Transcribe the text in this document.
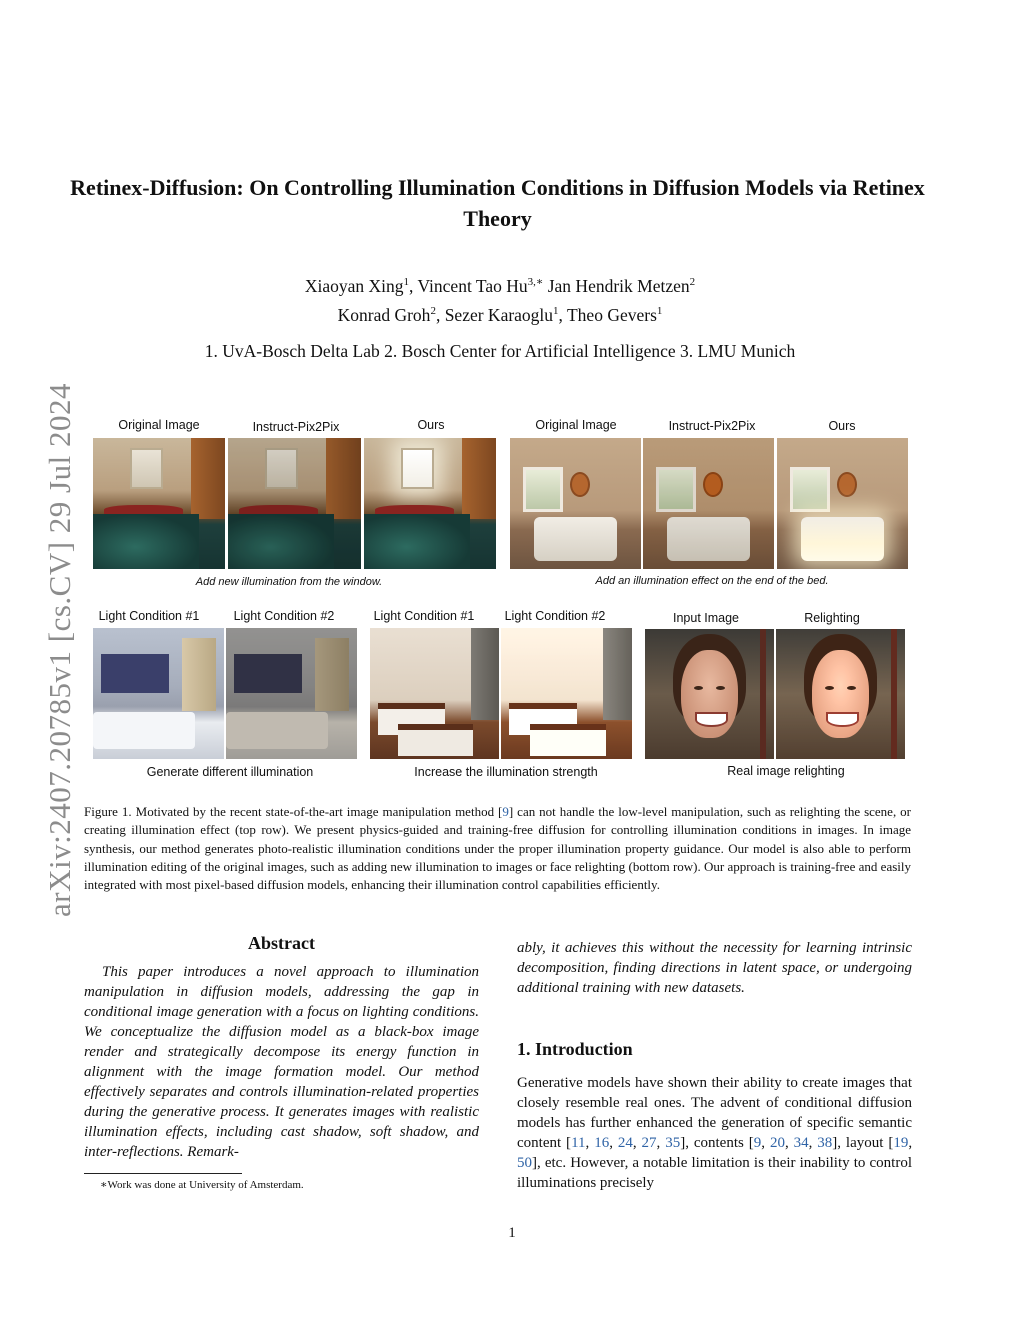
arXiv:2407.20785v1 [cs.CV] 29 Jul 2024
Retinex-Diffusion: On Controlling Illumination Conditions in Diffusion Models via Retinex Theory
Xiaoyan Xing$^1$, Vincent Tao $Hu^{3,∗}$ Jan Hendrik Metzen$^2$
Konrad Groh$^2$, Sezer Karaoglu$^1$, Theo Gevers$^1$
1. UvA-Bosch Delta Lab 2. Bosch Center for Artificial Intelligence 3. LMU Munich
Original Image	Instruct-Pix2Pix	Ours	Original Image	Instruct-Pix2Pix	Ours
Add new illumination from the window.	Add an illumination effect on the end of the bed.
Light Condition #1	Light Condition #2	Light Condition #1 Light Condition #2	Input Image	Relighting
Generate different illumination	Increase the illumination strength	Real image relighting
Figure 1. Motivated by the recent state-of-the-art image manipulation method [9] can not handle the low-level manipulation, such as relighting the scene, or creating illumination effect (top row). We present physics-guided and training-free diffusion for controlling illumination conditions in images. In image synthesis, our method generates photo-realistic illumination conditions under the proper illumination property guidance. Our model is also able to perform illumination editing of the original images, such as adding new illumination to images or face relighting (bottom row). Our approach is training-free and easily integrated with most pixel-based diffusion models, enhancing their illumination control capabilities efficiently.
Abstract
This paper introduces a novel approach to illumination manipulation in diffusion models, addressing the gap in conditional image generation with a focus on lighting conditions. We conceptualize the diffusion model as a black-box image render and strategically decompose its energy function in alignment with the image formation model. Our method effectively separates and controls illumination-related properties during the generative process. It generates images with realistic illumination effects, including cast shadow, soft shadow, and inter-reflections. Remark-
ably, it achieves this without the necessity for learning intrinsic decomposition, finding directions in latent space, or undergoing additional training with new datasets.
∗Work was done at University of Amsterdam.
1. Introduction
Generative models have shown their ability to create images that closely resemble real ones. The advent of conditional diffusion models has further enhanced the generation of specific semantic content [11, 16, 24, 27, 35], contents [9, 20, 34, 38], layout [19, 50], etc. However, a notable limitation is their inability to control illuminations precisely
1
